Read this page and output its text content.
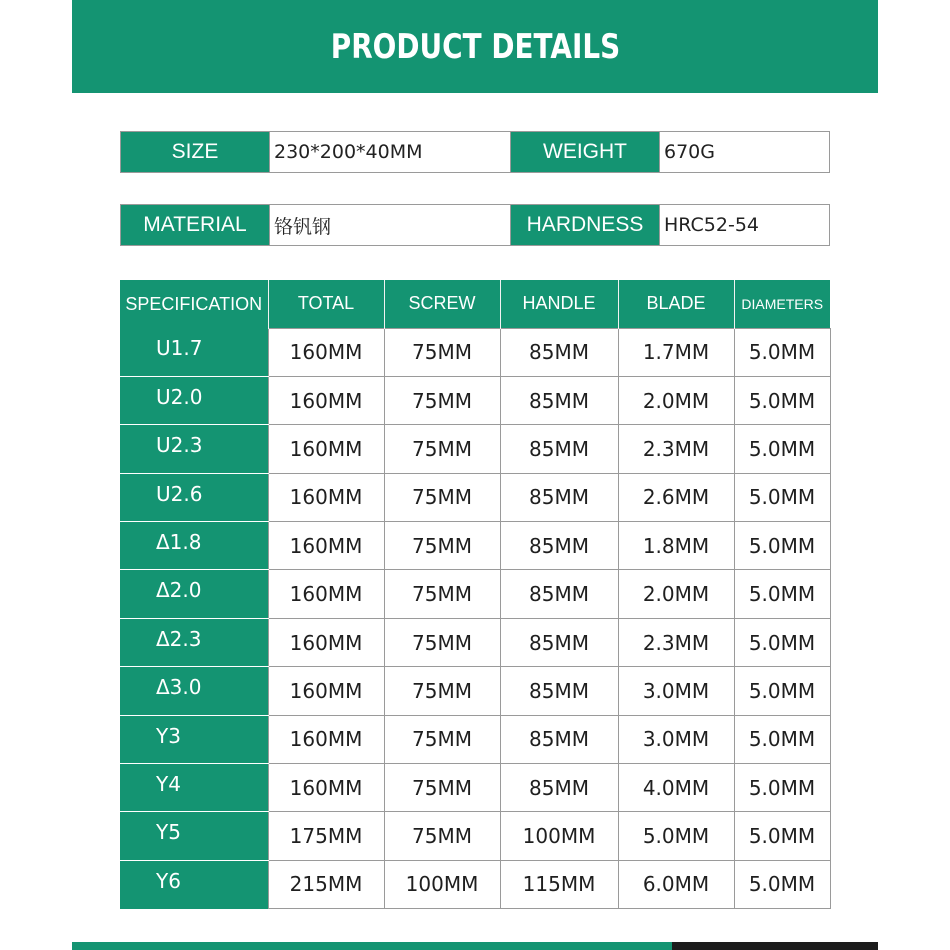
PRODUCT DETAILS
SIZE	230*200*40MM	WEIGHT	670G
MATERIAL	铬钒钢	HARDNESS	HRC52-54
SPECIFICATION	TOTAL	SCREW	HANDLE	BLADE	DIAMETERS
U1.7	160MM	75MM	85MM	1.7MM	5.0MM
U2.0	160MM	75MM	85MM	2.0MM	5.0MM
U2.3	160MM	75MM	85MM	2.3MM	5.0MM
U2.6	160MM	75MM	85MM	2.6MM	5.0MM
Δ1.8	160MM	75MM	85MM	1.8MM	5.0MM
Δ2.0	160MM	75MM	85MM	2.0MM	5.0MM
Δ2.3	160MM	75MM	85MM	2.3MM	5.0MM
Δ3.0	160MM	75MM	85MM	3.0MM	5.0MM
Y3	160MM	75MM	85MM	3.0MM	5.0MM
Y4	160MM	75MM	85MM	4.0MM	5.0MM
Y5	175MM	75MM	100MM	5.0MM	5.0MM
Y6	215MM	100MM	115MM	6.0MM	5.0MM
